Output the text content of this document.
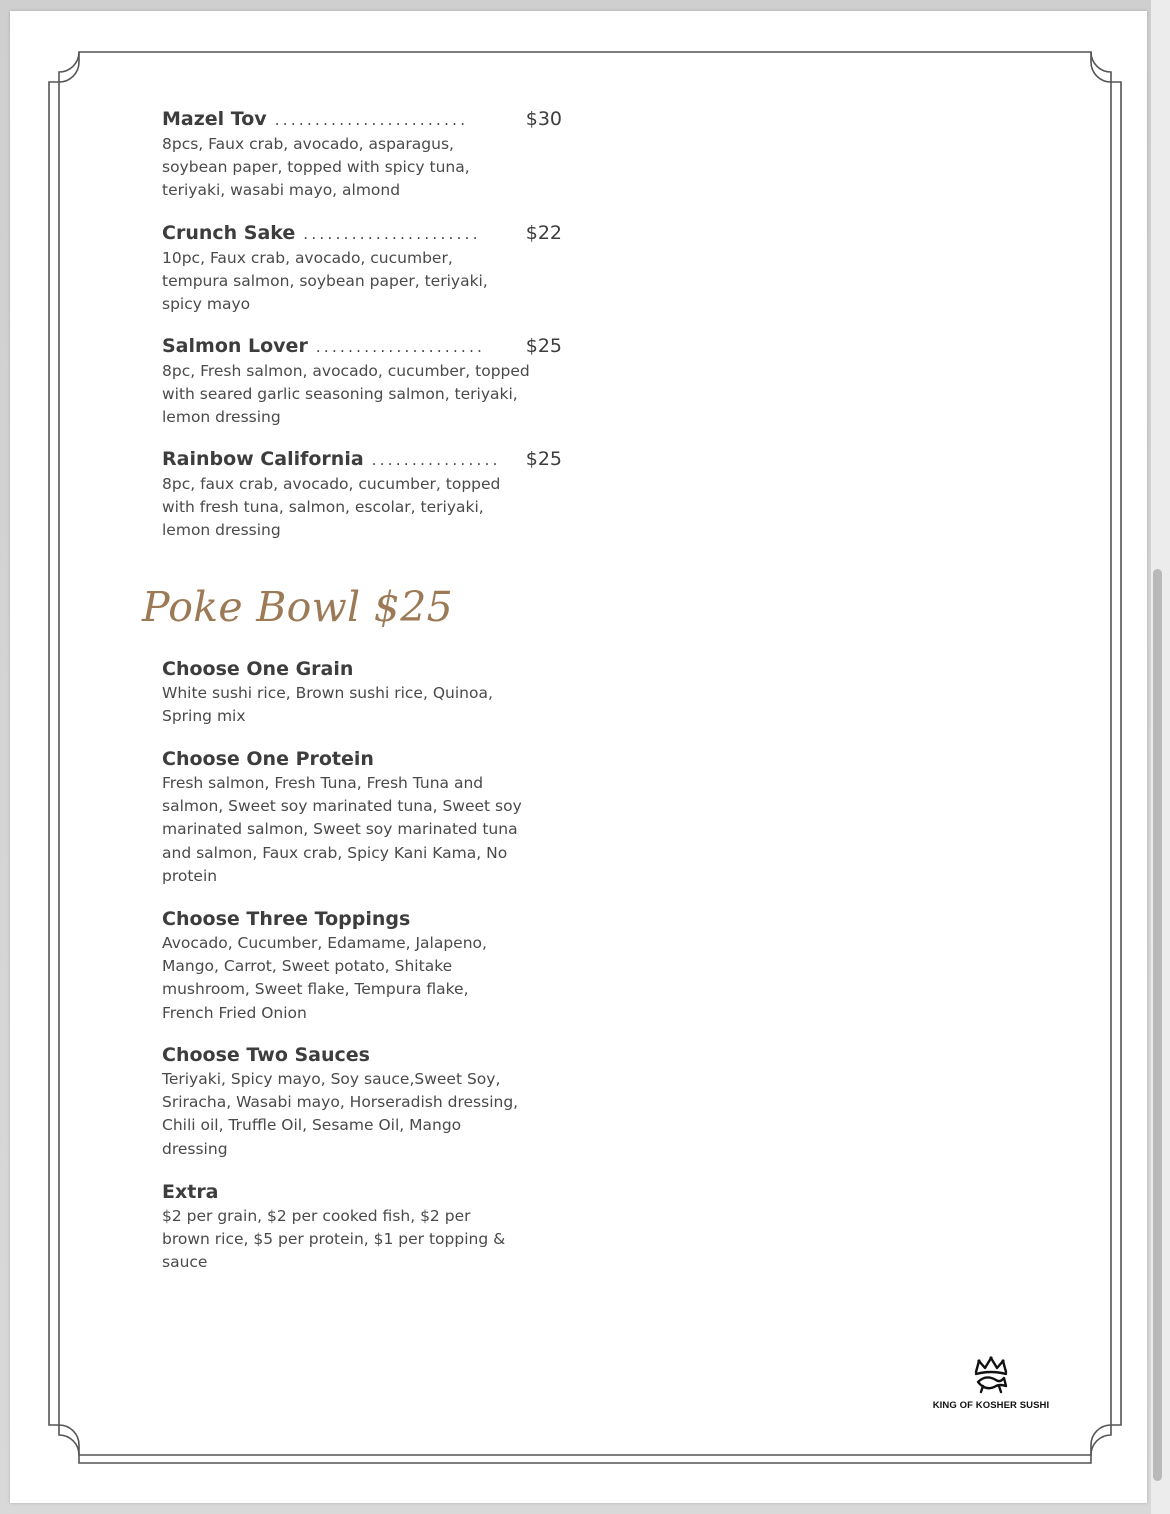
Mazel Tov ........................	$30
8pcs, Faux crab, avocado, asparagus, soybean paper, topped with spicy tuna, teriyaki, wasabi mayo, almond
Crunch Sake ......................	$22
10pc, Faux crab, avocado, cucumber, tempura salmon, soybean paper, teriyaki, spicy mayo
Salmon Lover .....................	$25
8pc, Fresh salmon, avocado, cucumber, topped with seared garlic seasoning salmon, teriyaki, lemon dressing
Rainbow California ................	$25
8pc, faux crab, avocado, cucumber, topped with fresh tuna, salmon, escolar, teriyaki, lemon dressing
Poke Bowl $25
Choose One Grain
White sushi rice, Brown sushi rice, Quinoa, Spring mix
Choose One Protein
Fresh salmon, Fresh Tuna, Fresh Tuna and salmon, Sweet soy marinated tuna, Sweet soy marinated salmon, Sweet soy marinated tuna and salmon, Faux crab, Spicy Kani Kama, No protein
Choose Three Toppings
Avocado, Cucumber, Edamame, Jalapeno, Mango, Carrot, Sweet potato, Shitake mushroom, Sweet flake, Tempura flake, French Fried Onion
Choose Two Sauces
Teriyaki, Spicy mayo, Soy sauce,Sweet Soy, Sriracha, Wasabi mayo, Horseradish dressing, Chili oil, Truffle Oil, Sesame Oil, Mango dressing
Extra
$2 per grain, $2 per cooked fish, $2 per brown rice, $5 per protein, $1 per topping & sauce
KING OF KOSHER SUSHI
